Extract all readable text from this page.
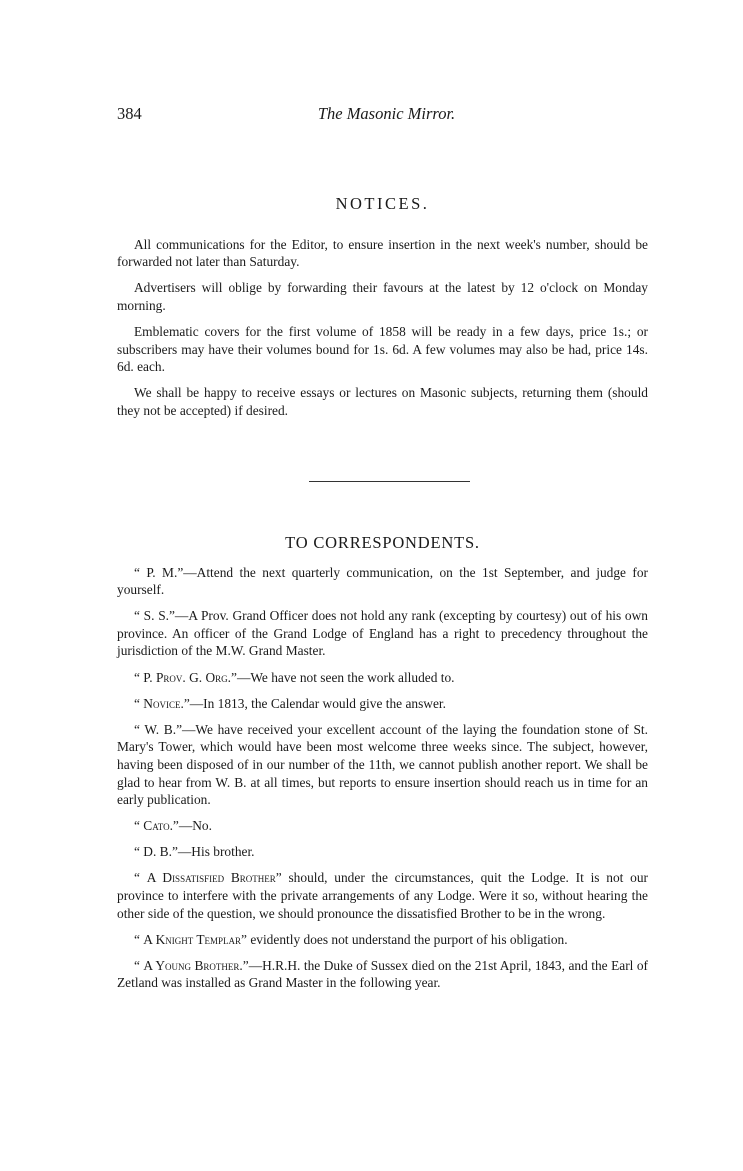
384	The Masonic Mirror.
NOTICES.

All communications for the Editor, to ensure insertion in the next week's number, should be forwarded not later than Saturday.

Advertisers will oblige by forwarding their favours at the latest by 12 o'clock on Monday morning.

Emblematic covers for the first volume of 1858 will be ready in a few days, price 1s.; or subscribers may have their volumes bound for 1s. 6d. A few volumes may also be had, price 14s. 6d. each.

We shall be happy to receive essays or lectures on Masonic subjects, returning them (should they not be accepted) if desired.

TO CORRESPONDENTS.

“ P. M.”—Attend the next quarterly communication, on the 1st September, and judge for yourself.

“ S. S.”—A Prov. Grand Officer does not hold any rank (excepting by courtesy) out of his own province. An officer of the Grand Lodge of England has a right to precedency throughout the jurisdiction of the M.W. Grand Master.

“ P. Prov. G. Org.”—We have not seen the work alluded to.

“ Novice.”—In 1813, the Calendar would give the answer.

“ W. B.”—We have received your excellent account of the laying the foundation stone of St. Mary's Tower, which would have been most welcome three weeks since. The subject, however, having been disposed of in our number of the 11th, we cannot publish another report. We shall be glad to hear from W. B. at all times, but reports to ensure insertion should reach us in time for an early publication.

“ Cato.”—No.

“ D. B.”—His brother.

“ A Dissatisfied Brother” should, under the circumstances, quit the Lodge. It is not our province to interfere with the private arrangements of any Lodge. Were it so, without hearing the other side of the question, we should pronounce the dissatisfied Brother to be in the wrong.

“ A Knight Templar” evidently does not understand the purport of his obligation.

“ A Young Brother.”—H.R.H. the Duke of Sussex died on the 21st April, 1843, and the Earl of Zetland was installed as Grand Master in the following year.
